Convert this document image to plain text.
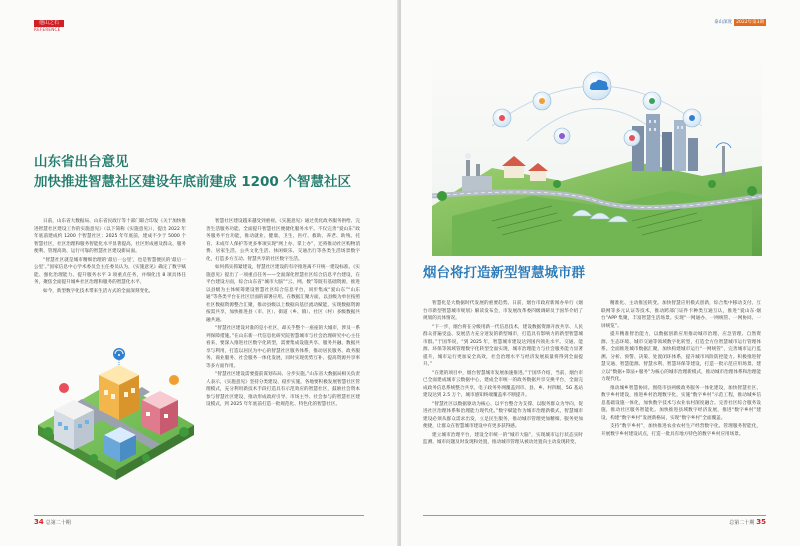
他山之石
REFERENCE
山东省出台意见
加快推进智慧社区建设年底前建成 1200 个智慧社区

日前，山东省大数据局、山东省民政厅等十部门联合印发《关于加快推进智慧社区建设工作的实施意见》（以下简称《实施意见》），提出 2022 年年底前建成约 1200 个智慧社区；2025 年年底前，建成不少于 5000 个智慧社区，社区治理和服务智能化水平显著提高，社区形成惠及群众、服务便利、管理高效、运行可靠的智慧社区建设新局面。

“智慧社区就是城市精细治理的‘最后一公里’，也是智慧便民的‘最后一公里’。”国家信息中心学术委员会主任委员认为，《实施意见》确定了数字赋能、强化治理能力、提升服务水平 3 项重点任务，并细化出 8 项具体任务，聚焦全面提升城乡社区治理和服务的智慧化水平。

如今，新型数字化技术带来生活方式的全面深刻变化。

智慧社区建设越来越受到重视。《实施意见》通过优化政务服务供给、完善生活服务功能、全面提升智慧社区便捷化服务水平。不仅完善“爱山东”政务服务平台功能，推动就业、健康、卫生、医疗、救助、养老、助残、托育、未成年人保护等更多事项实现“网上办、掌上办”，还将推动社区购物消费、居家生活、公共文化生活、休闲娱乐、交通出行等各类生活场景数字化，打造多方互动、智慧共享的社区数字生活。

如何抓实抓紧建设，智慧社区建设的有序推进离不开统一建设标准。《实施意见》提出了一项重点任务——全面深化智慧社区综合信息平台建设，在平台建设方面，综合山东省“城市大脑”“云、网、数”等既有基础资源，推进以县级为主体统筹建设智慧社区综合信息平台，同步集成“爱山东”“山东通”等各类平台在社区层面的部署应用。在数据汇聚方面，以县级为单位按照社区数据资源整合汇聚，推动县级以上数据向基层流动赋能，实现数据资源按需共享，加快推进县（市、区）、街道（乡、镇）、社区（村）多级数据共融共通。

“智慧社区建设对准的是小社区，却关乎整个一座座的大城市，涉及一系列保障措施。”在山东新一代信息化研究院智慧城市与社会治理研究中心主任看来，要深入推进社区数字化转型，需要集成设施共享、服务共融、数据共享与利用，打造以居民为中心的智慧社区服务体系，推动居民服务、政务服务、商业服务、社会服务一体化发展，同时实现优势互补、提高资源共享率等多方面作用。

“智慧社区建设需要提前谋划布局、分步实施。”山东省大数据局相关负责人表示，《实施意见》坚持分类建设、稳步实施，各地要积极发展智慧社区管理模式，充分利用新技术手段打造具有示范效应的智慧社区，鼓励社会资本参与智慧社区建设，推动形成政府引导、市场主导、社会参与的智慧社区建设模式，到 2025 年年底前打造一批规范化、特色化的智慧社区。

34 总第二十期
泰山深度 2022年第3期
烟台将打造新型智慧城市群

智慧化是大数据时代发展的重要趋势。日前，烟台市政府新闻办举行《烟台市新型智慧城市规划》解读发布会，市发展改革委四级调研员于国华介绍了规划的具体情况。

“下一步，烟台将在分级用新一代信息技术，建设数据资源开放共享、人民群众普遍受益、发展活力充分迸发的新型城市，打造具有影响力的新型智慧城市群。”于国华说，“到 2025 年，智慧城市建设达到国内领先水平。交通、能源、环保等领域管理数字化转型全面实现，城市治理能力与社会服务能力显著提升，城市运行更加安全高效，社会治理水平与经济发展质量将得到全面提升。”

“在建的项目中，烟台智慧城市发展加速推进。”于国华介绍，当前，烟台市已全面建成城市云数据中心，建成全市统一的政务数据共享交换平台，全面完成政务信息系统整合共享，电子政务外网覆盖到市、县、乡、村四级，5G 基站建设达到 2.5 万个，城市感知终端覆盖率不断提升。

“智慧社区以数据驱动为核心、以平台整合为支撑、以服务群众为导向，促进社区治理体系和治理能力现代化。”数字赋能作为城市治理新模式，智慧城市建设必须从群众需求出发，立足民生服务，推动城市管理更加精细、服务更加便捷，让群众在智慧城市建设中有更多获得感。

建立城市治理平台，建设全市统一的“城市大脑”，实现城市运行状态实时监测、城市问题及时发现和处置，推动城市管理从被动处置向主动发现转变。

精准化、主动推送转变。加快智慧应用模式创新，综合集中移动支付、互联网等多元认证等技术，推动跨部门证件卡种类互通互认，推进“爱山东·烟台”APP 集聚，丰富智慧生活场景。实现“一网通办、一网统管、一网协同、一屏统览”。

提升精准智治能力，以数据创新应用推动城市治理、应急管理、自然资源、生态环境、城市交通等领域数字化转型，打造全方位智慧城市运行管理体系。全面推进城市数据汇聚，加快构建城市运行“一网统管”，完善城市运行监测、分析、预警、决策、处置闭环体系，提升城市风险防控能力。积极推进智慧交通、智慧能源、智慧水利、智慧环保等建设，打造一批示范应用场景。建立以“数据+算法+服务”为核心的城市治理新模式，推动城市治理体系和治理能力现代化。

推动城乡智慧协同。围绕市县两级政务服务一体化建设，加快智慧社区、数字乡村建设，推进乡村治理数字化，实施“数字乡村”示范工程，推动城乡信息基础设施一体化，加快数字技术与农业农村深度融合。完善社区综合服务设施，推动社区服务智能化。加快推进县域数字经济发展，推进“数字乡村”建设，构建“数字乡村”发展新格局，实现“数字乡村”全面覆盖。

支持“数字乡村”，加快推进农业农村生产经营数字化、管理服务智能化，开展数字乡村建设试点，打造一批具有地方特色的数字乡村应用场景。

总第二十期 35
